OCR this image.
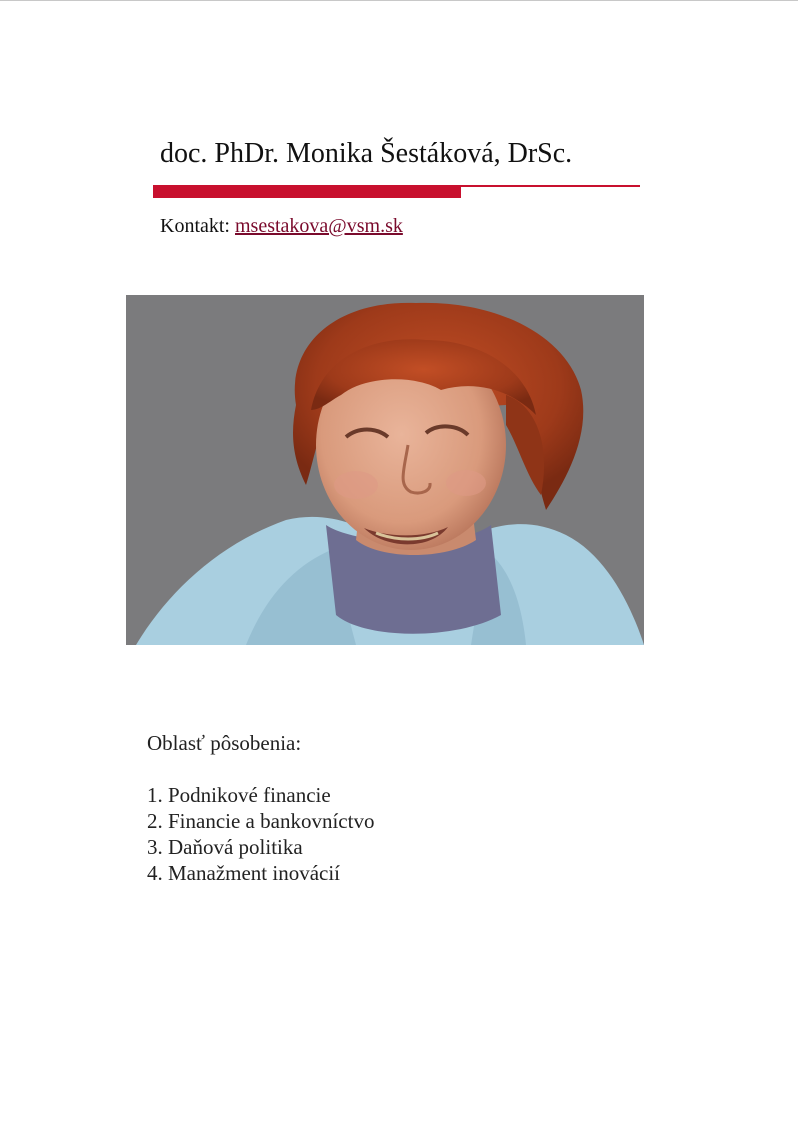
doc. PhDr. Monika Šestáková, DrSc.
Kontakt: msestakova@vsm.sk
Oblasť pôsobenia:
1. Podnikové financie
2. Financie a bankovníctvo
3. Daňová politika
4. Manažment inovácií
